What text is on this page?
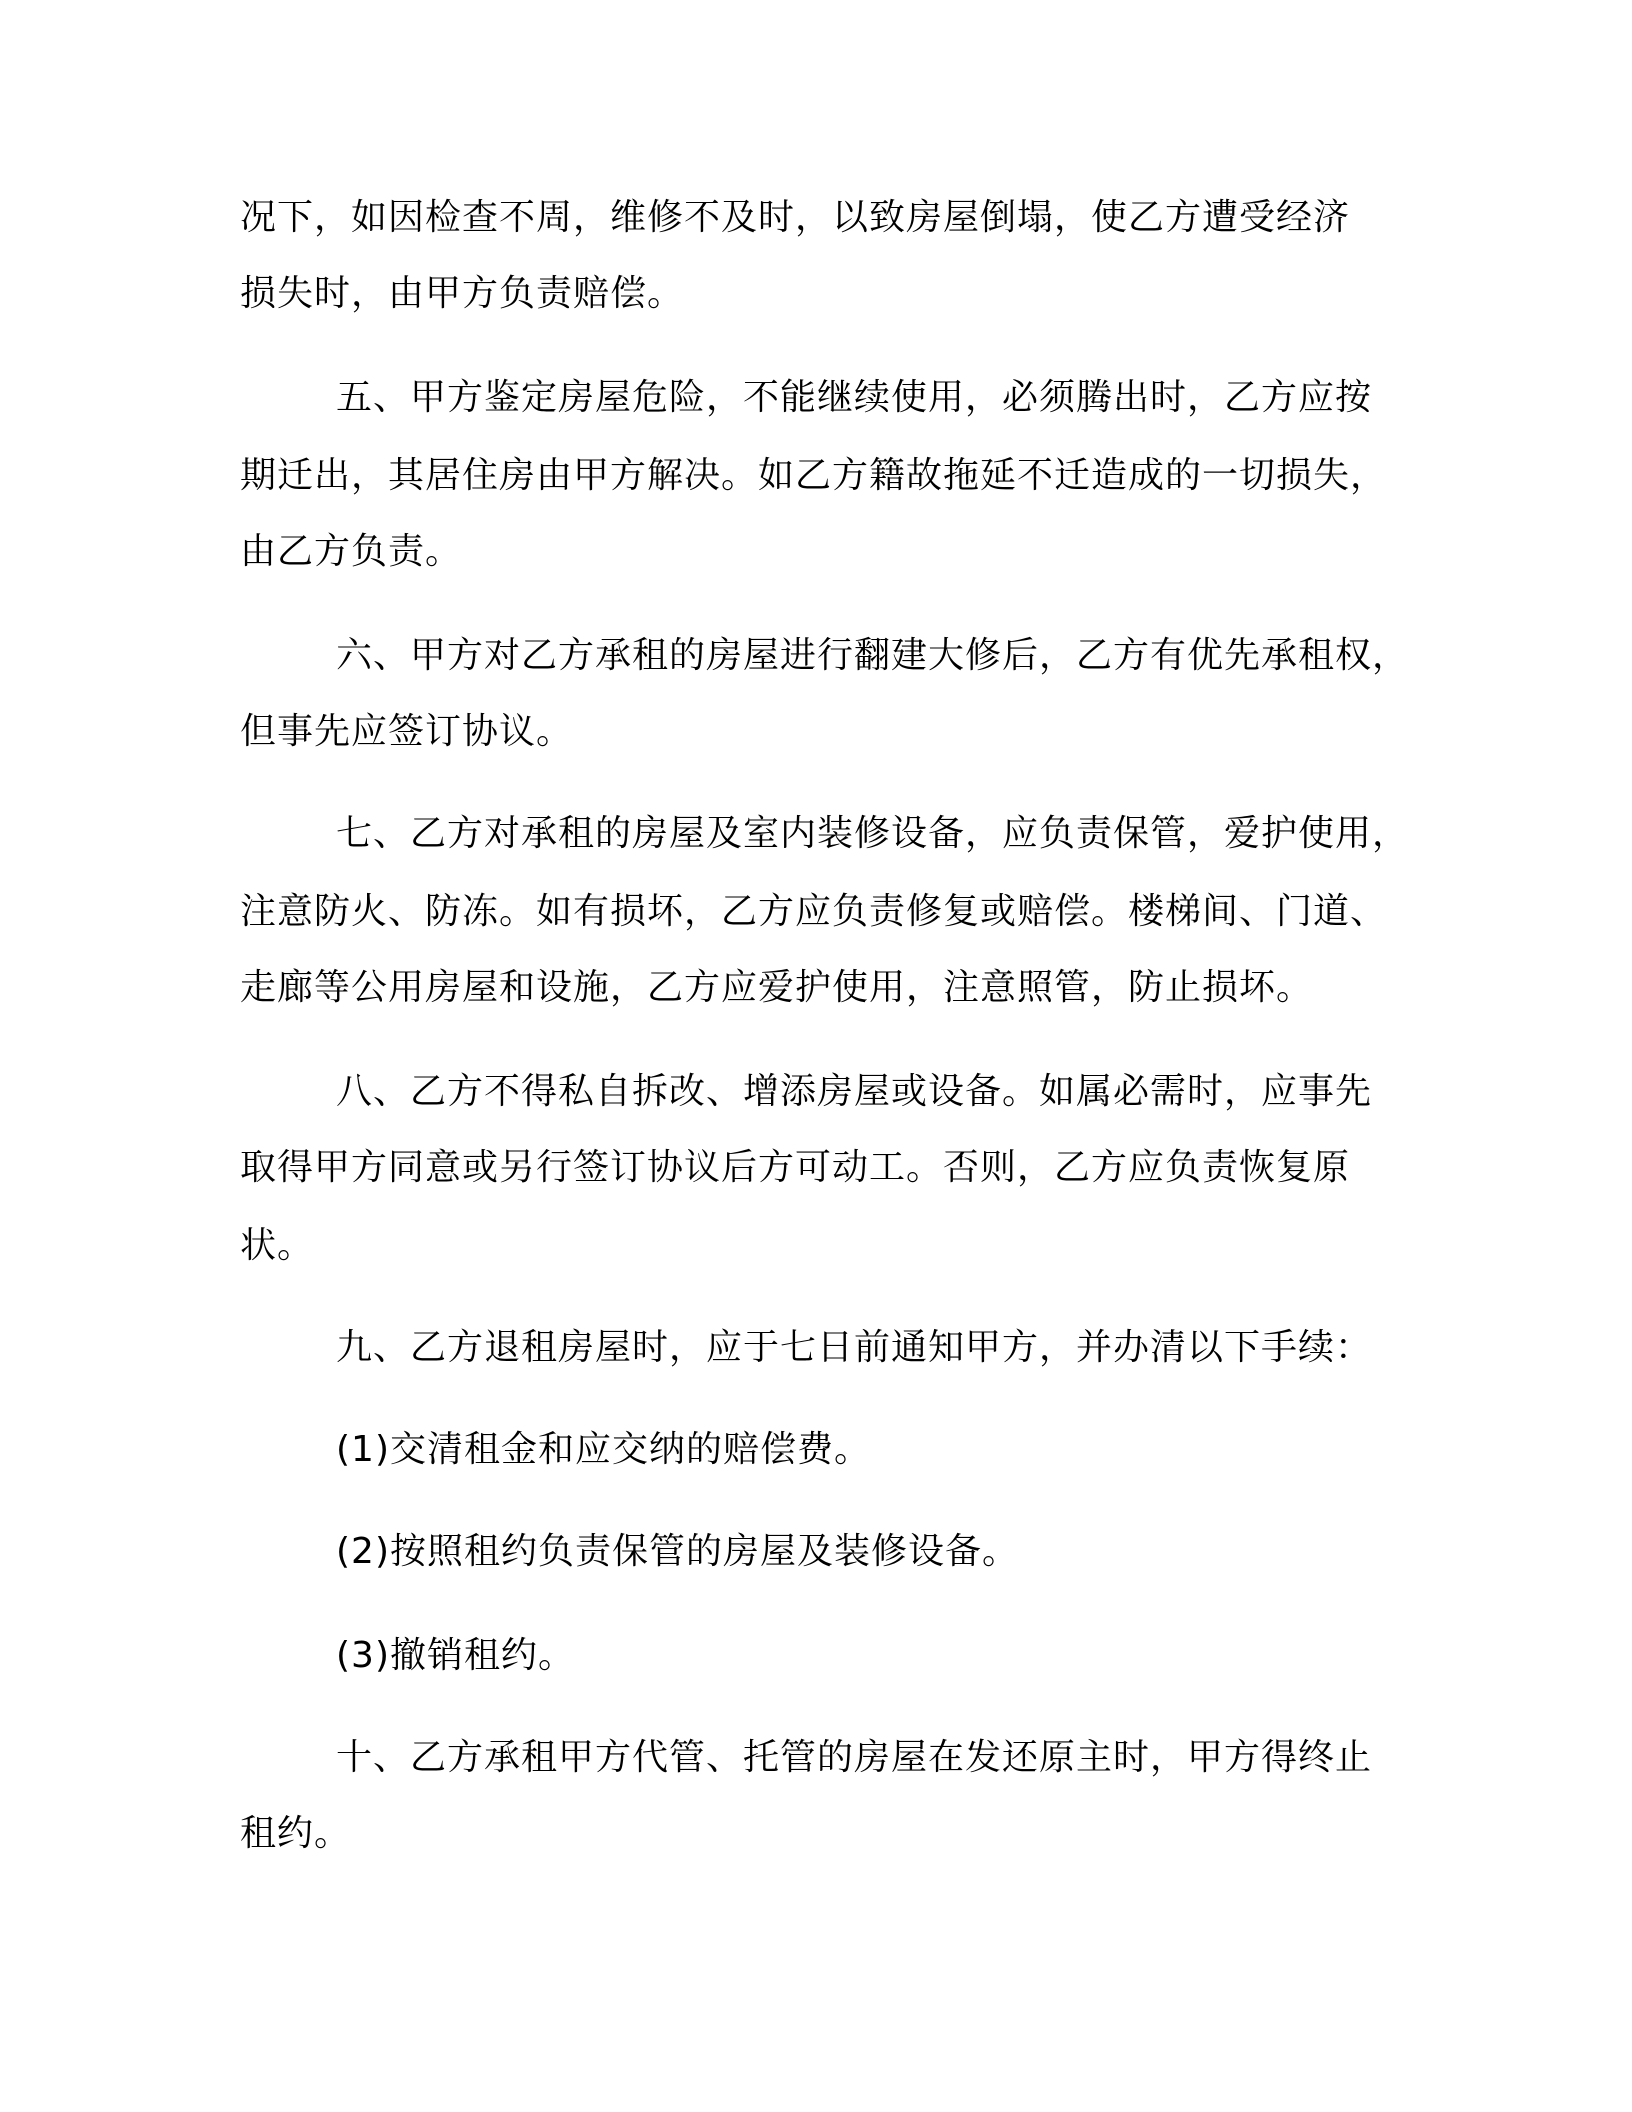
况下，如因检查不周，维修不及时，以致房屋倒塌，使乙方遭受经济

损失时，由甲方负责赔偿。

五、甲方鉴定房屋危险，不能继续使用，必须腾出时，乙方应按

期迁出，其居住房由甲方解决。如乙方籍故拖延不迁造成的一切损失，

由乙方负责。

六、甲方对乙方承租的房屋进行翻建大修后，乙方有优先承租权，

但事先应签订协议。

七、乙方对承租的房屋及室内装修设备，应负责保管，爱护使用，

注意防火、防冻。如有损坏，乙方应负责修复或赔偿。楼梯间、门道、

走廊等公用房屋和设施，乙方应爱护使用，注意照管，防止损坏。

八、乙方不得私自拆改、增添房屋或设备。如属必需时，应事先

取得甲方同意或另行签订协议后方可动工。否则，乙方应负责恢复原

状。

九、乙方退租房屋时，应于七日前通知甲方，并办清以下手续：

(1)交清租金和应交纳的赔偿费。

(2)按照租约负责保管的房屋及装修设备。

(3)撤销租约。

十、乙方承租甲方代管、托管的房屋在发还原主时，甲方得终止

租约。
